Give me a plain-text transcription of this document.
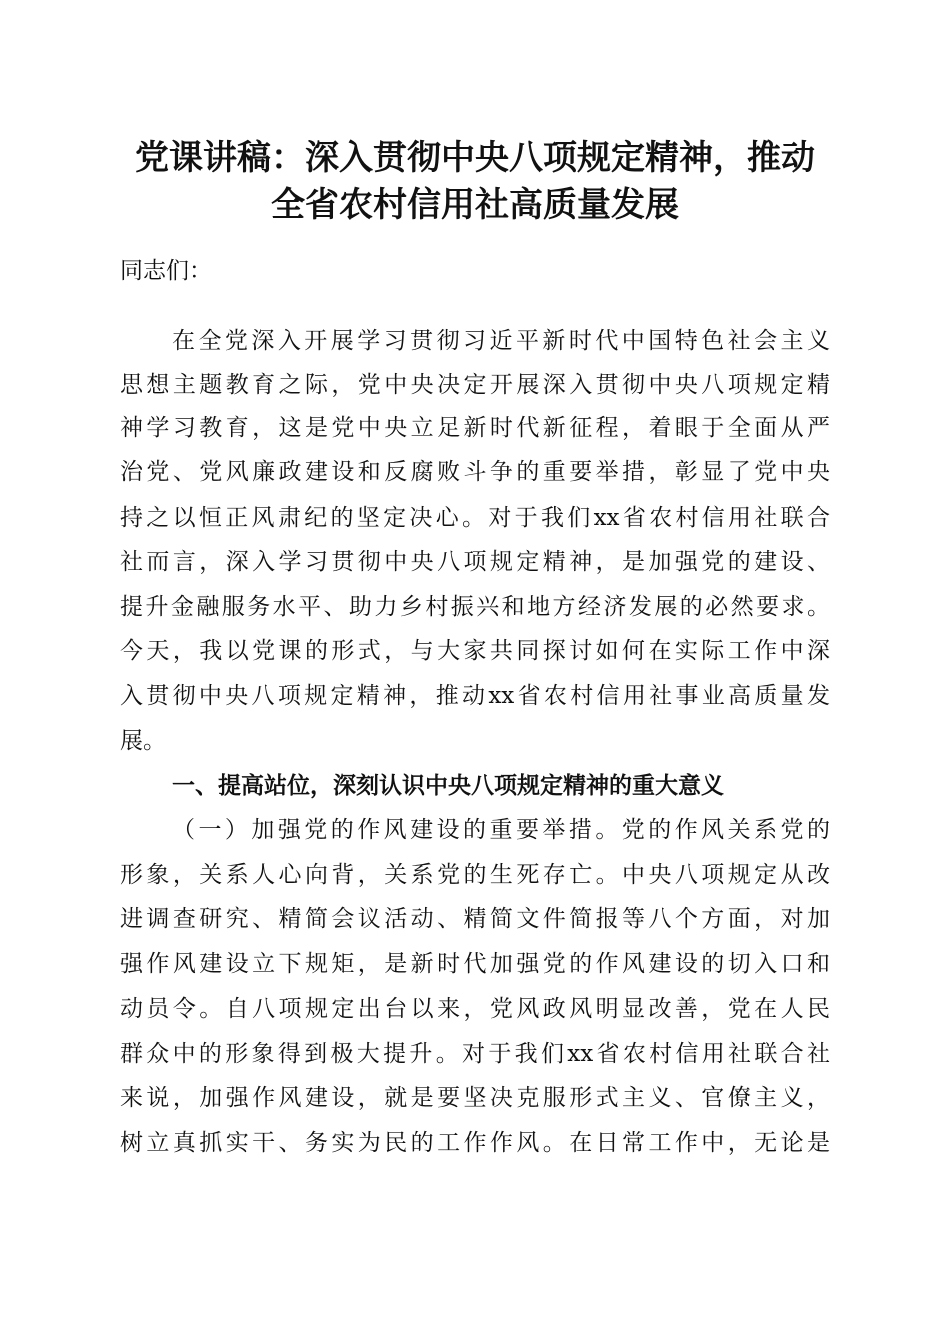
党课讲稿：深入贯彻中央八项规定精神，推动
全省农村信用社高质量发展
同志们：
在全党深入开展学习贯彻习近平新时代中国特色社会主义
思想主题教育之际，党中央决定开展深入贯彻中央八项规定精
神学习教育，这是党中央立足新时代新征程，着眼于全面从严
治党、党风廉政建设和反腐败斗争的重要举措，彰显了党中央
持之以恒正风肃纪的坚定决心。对于我们xx省农村信用社联合
社而言，深入学习贯彻中央八项规定精神，是加强党的建设、
提升金融服务水平、助力乡村振兴和地方经济发展的必然要求。
今天，我以党课的形式，与大家共同探讨如何在实际工作中深
入贯彻中央八项规定精神，推动xx省农村信用社事业高质量发
展。
一、提高站位，深刻认识中央八项规定精神的重大意义
（一）加强党的作风建设的重要举措。党的作风关系党的
形象，关系人心向背，关系党的生死存亡。中央八项规定从改
进调查研究、精简会议活动、精简文件简报等八个方面，对加
强作风建设立下规矩，是新时代加强党的作风建设的切入口和
动员令。自八项规定出台以来，党风政风明显改善，党在人民
群众中的形象得到极大提升。对于我们xx省农村信用社联合社
来说，加强作风建设，就是要坚决克服形式主义、官僚主义，
树立真抓实干、务实为民的工作作风。在日常工作中，无论是
